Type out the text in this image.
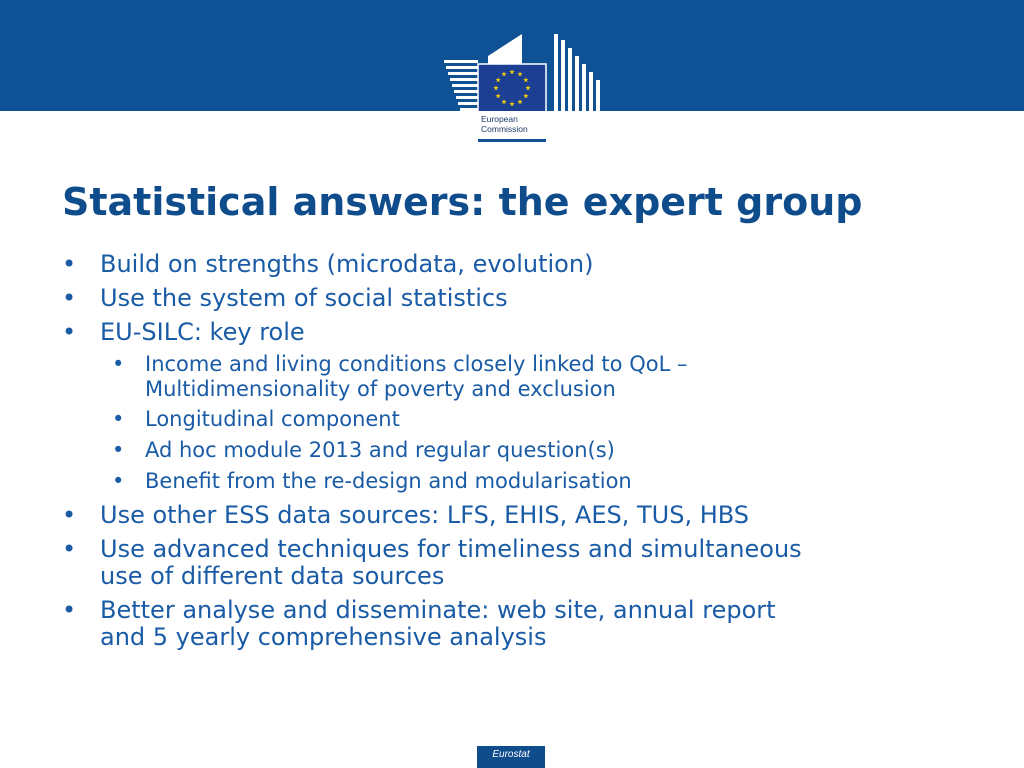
European
Commission
Statistical answers: the expert group
• Build on strengths (microdata, evolution)
• Use the system of social statistics
• EU-SILC: key role
• Income and living conditions closely linked to QoL –
Multidimensionality of poverty and exclusion
• Longitudinal component
• Ad hoc module 2013 and regular question(s)
• Benefit from the re-design and modularisation
• Use other ESS data sources: LFS, EHIS, AES, TUS, HBS
• Use advanced techniques for timeliness and simultaneous
use of different data sources
• Better analyse and disseminate: web site, annual report
and 5 yearly comprehensive analysis
Eurostat
